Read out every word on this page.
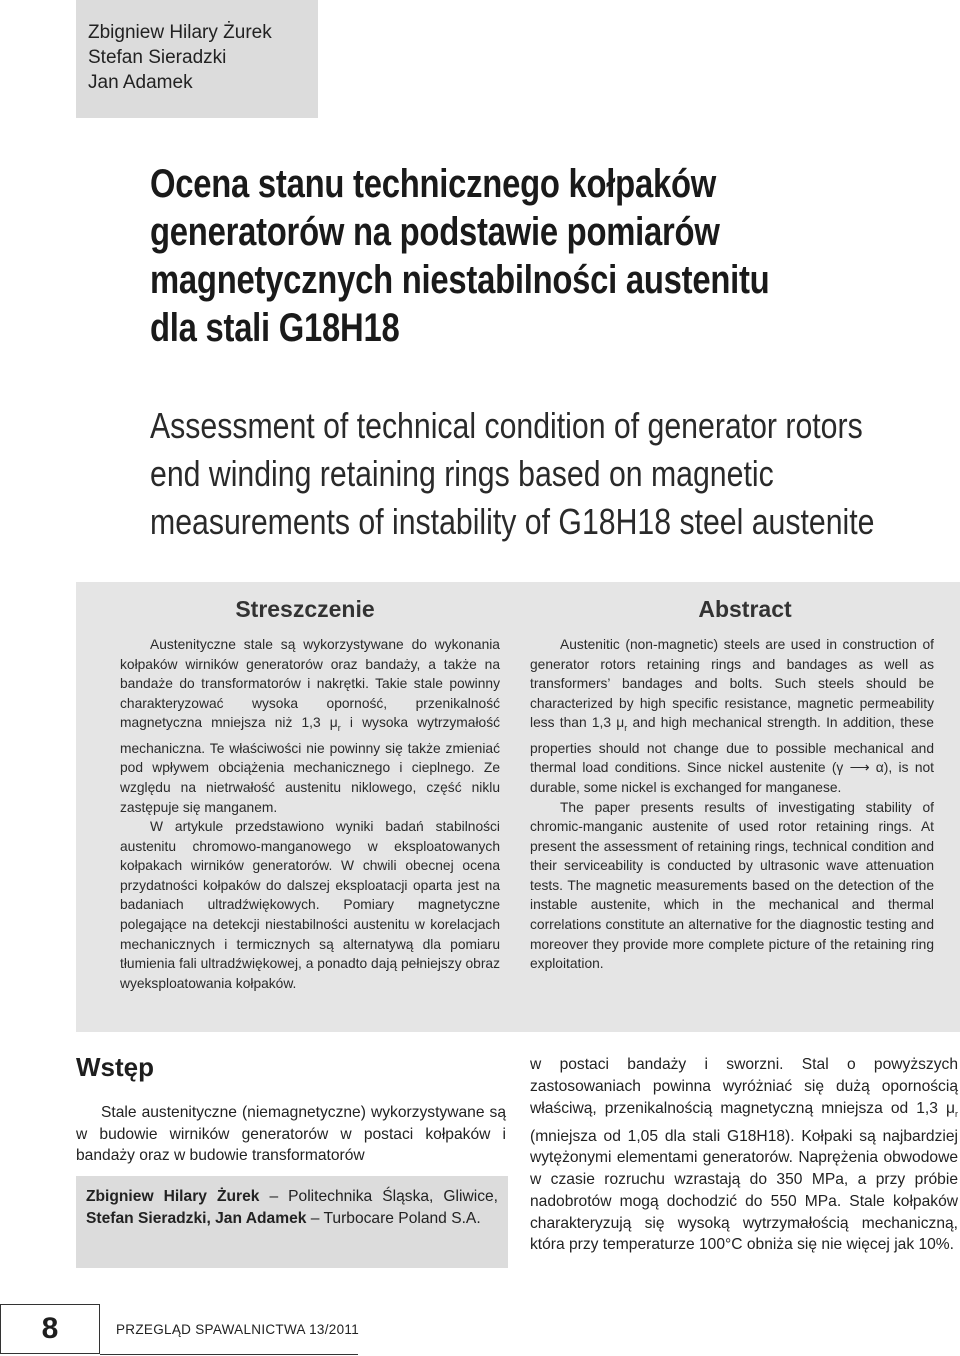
Zbigniew Hilary Żurek
Stefan Sieradzki
Jan Adamek
Ocena stanu technicznego kołpaków
generatorów na podstawie pomiarów
magnetycznych niestabilności austenitu
dla stali G18H18
Assessment of technical condition of generator rotors
end winding retaining rings based on magnetic
measurements of instability of G18H18 steel austenite
Streszczenie

Austenityczne stale są wykorzystywane do wykonania kołpaków wirników generatorów oraz bandaży, a także na bandaże do transformatorów i nakrętki. Takie stale powinny charakteryzować wysoka oporność, przenikalność magnetyczna mniejsza niż 1,3 $\mu_r$ i wysoka wytrzymałość mechaniczna. Te właściwości nie powinny się także zmieniać pod wpływem obciążenia mechanicznego i cieplnego. Ze względu na nietrwałość austenitu niklowego, część niklu zastępuje się manganem.

W artykule przedstawiono wyniki badań stabilności austenitu chromowo-manganowego w eksploatowanych kołpakach wirników generatorów. W chwili obecnej ocena przydatności kołpaków do dalszej eksploatacji oparta jest na badaniach ultradźwiękowych. Pomiary magnetyczne polegające na detekcji niestabilności austenitu w korelacjach mechanicznych i termicznych są alternatywą dla pomiaru tłumienia fali ultradźwiękowej, a ponadto dają pełniejszy obraz wyeksploatowania kołpaków.

Abstract

Austenitic (non-magnetic) steels are used in construction of generator rotors retaining rings and bandages as well as transformers’ bandages and bolts. Such steels should be characterized by high specific resistance, magnetic permeability less than 1,3 $\mu_r$ and high mechanical strength. In addition, these properties should not change due to possible mechanical and thermal load conditions. Since nickel austenite (γ ⟶ α), is not durable, some nickel is exchanged for manganese.

The paper presents results of investigating stability of chromic-manganic austenite of used rotor retaining rings. At present the assessment of retaining rings, technical condition and their serviceability is conducted by ultrasonic wave attenuation tests. The magnetic measurements based on the detection of the instable austenite, which in the mechanical and thermal correlations constitute an alternative for the diagnostic testing and moreover they provide more complete picture of the retaining ring exploitation.

Wstęp

Stale austenityczne (niemagnetyczne) wykorzystywane są w budowie wirników generatorów w postaci kołpaków i bandaży oraz w budowie transformatorów

Zbigniew Hilary Żurek – Politechnika Śląska, Gliwice, Stefan Sieradzki, Jan Adamek – Turbocare Poland S.A.

w postaci bandaży i sworzni. Stal o powyższych zastosowaniach powinna wyróżniać się dużą opornością właściwą, przenikalnością magnetyczną mniejsza od 1,3 $\mu_r$ (mniejsza od 1,05 dla stali G18H18). Kołpaki są najbardziej wytężonymi elementami generatorów. Naprężenia obwodowe w czasie rozruchu wzrastają do 350 MPa, a przy próbie nadobrotów mogą dochodzić do 550 MPa. Stale kołpaków charakteryzują się wysoką wytrzymałością mechaniczną, która przy temperaturze 100°C obniża się nie więcej jak 10%.

8	PRZEGLĄD SPAWALNICTWA 13/2011
